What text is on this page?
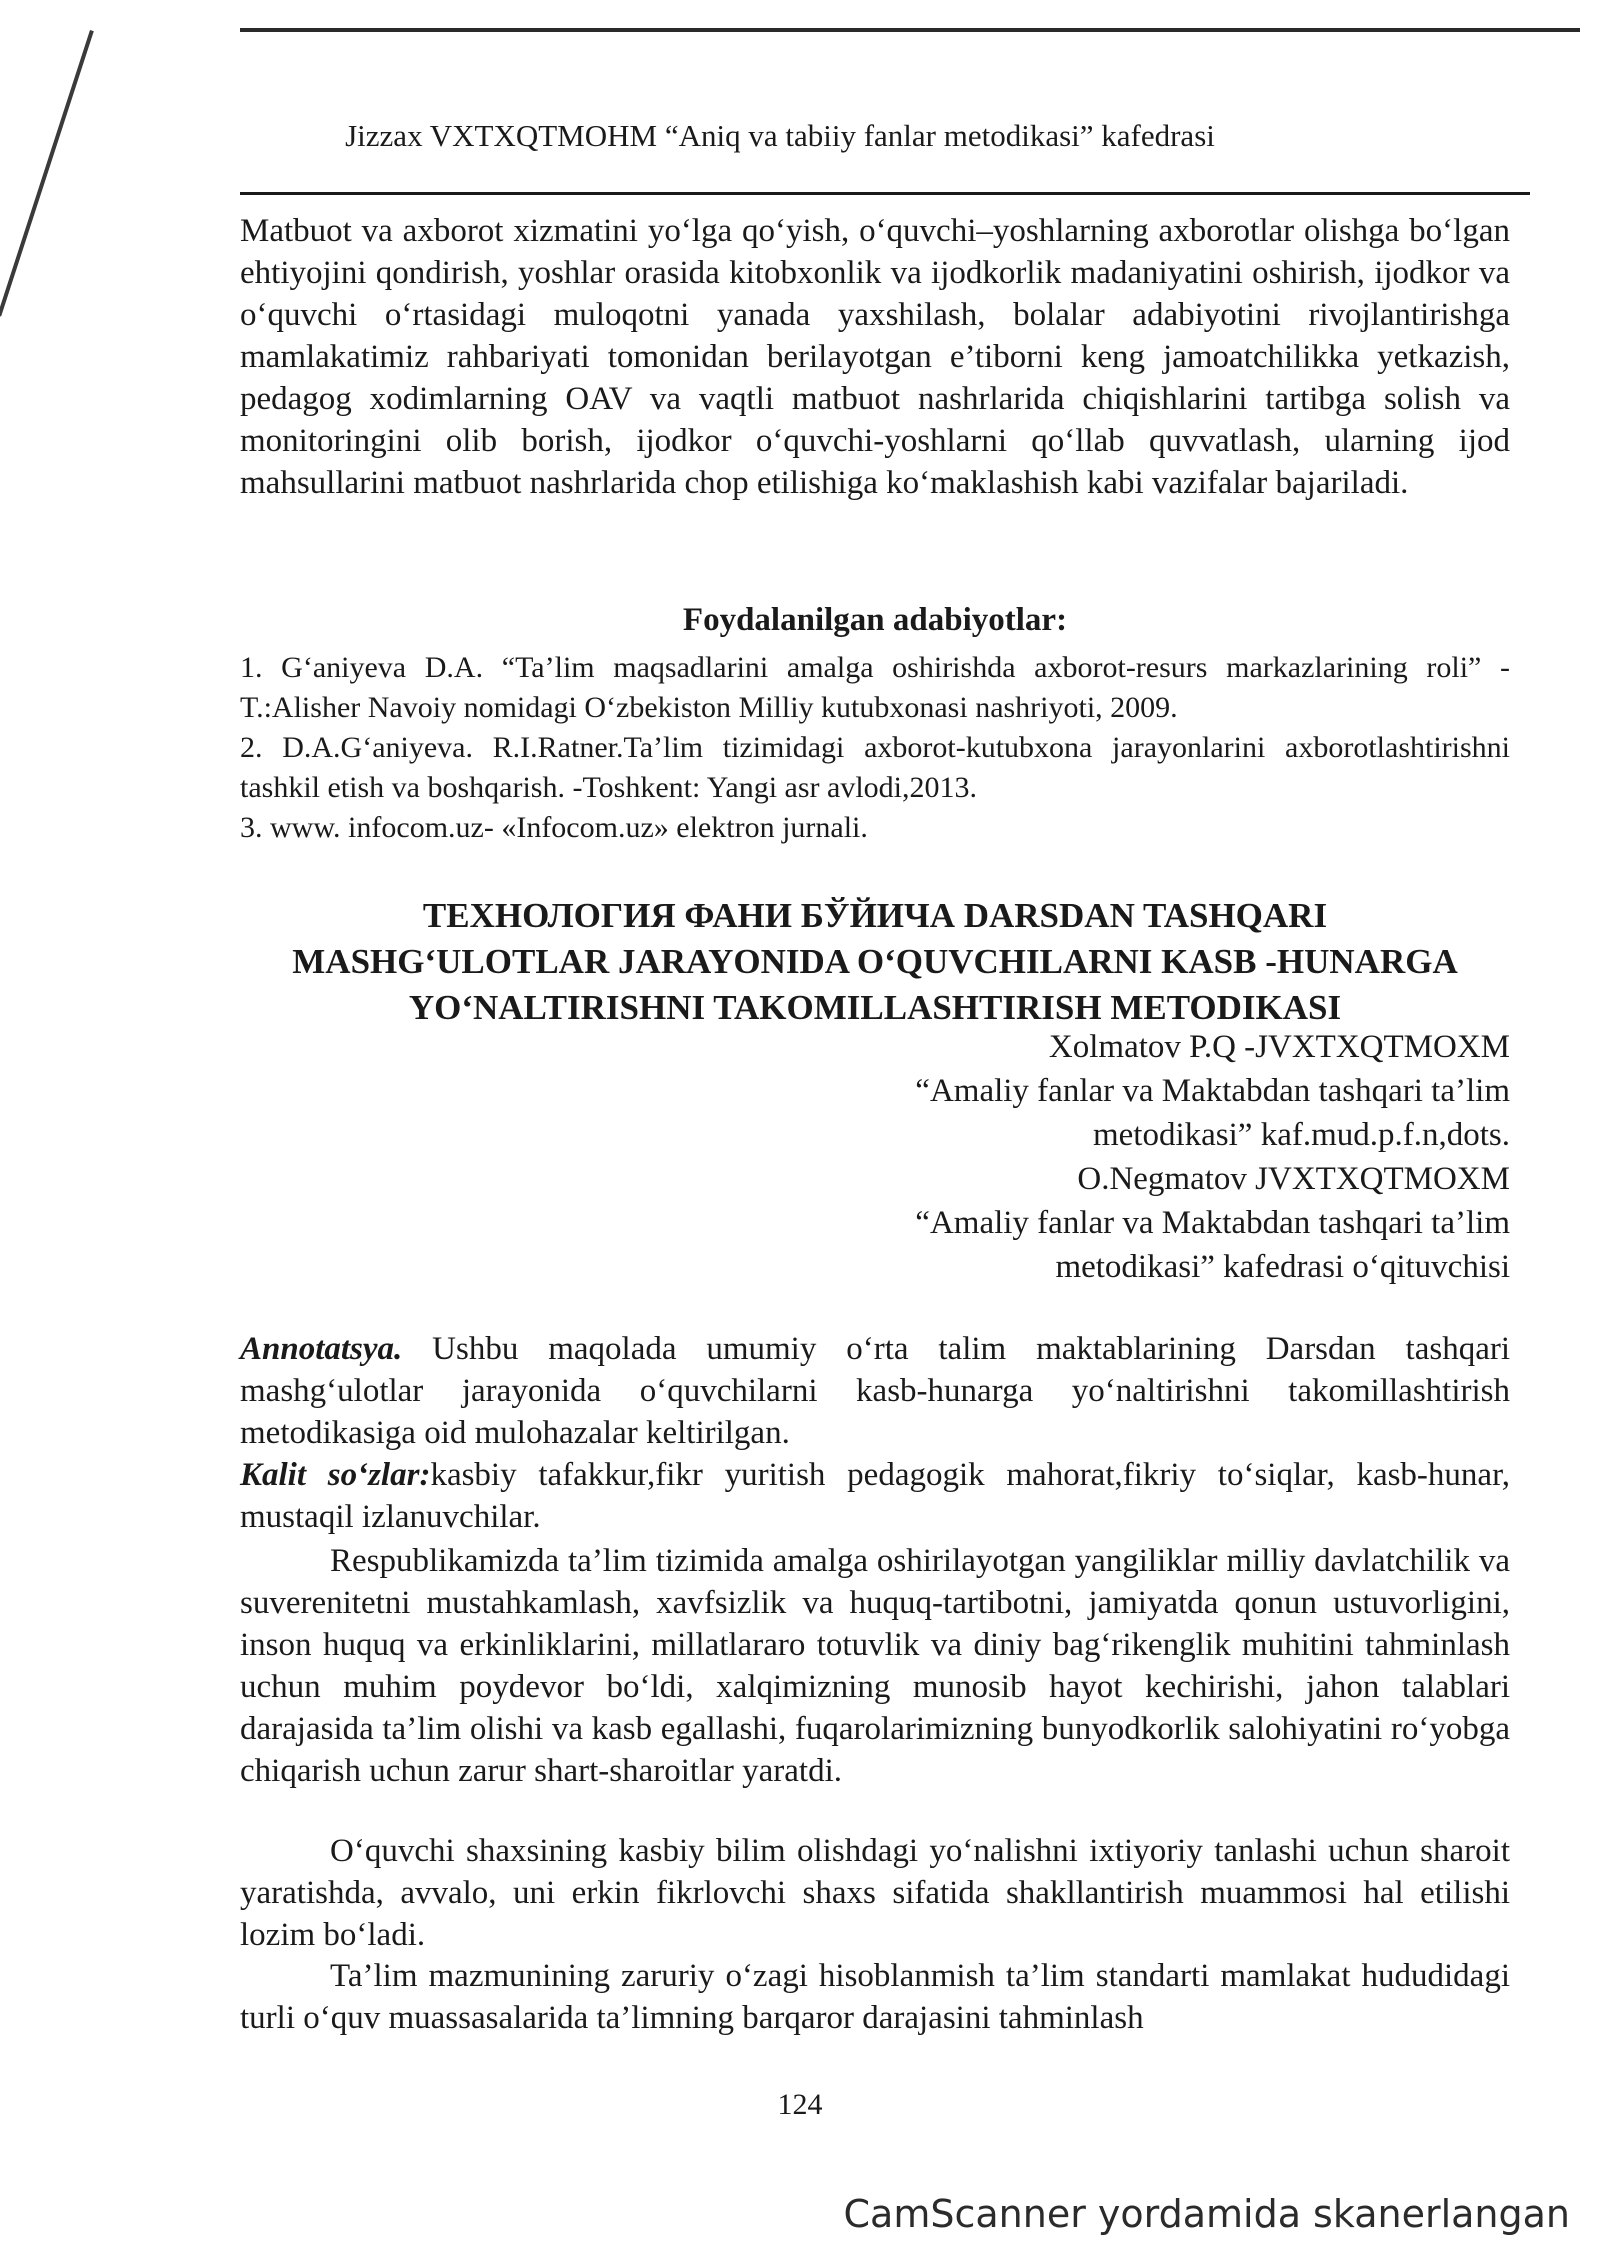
Jizzax VXTXQTMOHM “Aniq va tabiiy fanlar metodikasi” kafedrasi

Matbuot va axborot xizmatini yo‘lga qo‘yish, o‘quvchi–yoshlarning axborotlar olishga bo‘lgan ehtiyojini qondirish, yoshlar orasida kitobxonlik va ijodkorlik madaniyatini oshirish, ijodkor va o‘quvchi o‘rtasidagi muloqotni yanada yaxshilash, bolalar adabiyotini rivojlantirishga mamlakatimiz rahbariyati tomonidan berilayotgan e’tiborni keng jamoatchilikka yetkazish, pedagog xodimlarning OAV va vaqtli matbuot nashrlarida chiqishlarini tartibga solish va monitoringini olib borish, ijodkor o‘quvchi-yoshlarni qo‘llab quvvatlash, ularning ijod mahsullarini matbuot nashrlarida chop etilishiga ko‘maklashish kabi vazifalar bajariladi.

Foydalanilgan adabiyotlar:

1. G‘aniyeva D.A. “Ta’lim maqsadlarini amalga oshirishda axborot-resurs markazlarining roli” -T.:Alisher Navoiy nomidagi O‘zbekiston Milliy kutubxonasi nashriyoti, 2009.

2. D.A.G‘aniyeva. R.I.Ratner.Ta’lim tizimidagi axborot-kutubxona jarayonlarini axborotlashtirishni tashkil etish va boshqarish. -Toshkent: Yangi asr avlodi,2013.

3. www. infocom.uz- «Infocom.uz» elektron jurnali.

ТЕХНОЛОГИЯ ФАНИ БЎЙИЧА DARSDAN TASHQARI
MASHG‘ULOTLAR JARAYONIDA O‘QUVCHILARNI KASB -HUNARGA
YO‘NALTIRISHNI TAKOMILLASHTIRISH METODIKASI

Xolmatov P.Q -JVXTXQTMOXM

“Amaliy fanlar va Maktabdan tashqari ta’lim

metodikasi” kaf.mud.p.f.n,dots.

O.Negmatov JVXTXQTMOXM

“Amaliy fanlar va Maktabdan tashqari ta’lim

metodikasi” kafedrasi o‘qituvchisi

Annotatsya. Ushbu maqolada umumiy o‘rta talim maktablarining Darsdan tashqari mashg‘ulotlar jarayonida o‘quvchilarni kasb-hunarga yo‘naltirishni takomillashtirish metodikasiga oid mulohazalar keltirilgan.

Kalit so‘zlar:kasbiy tafakkur,fikr yuritish pedagogik mahorat,fikriy to‘siqlar, kasb-hunar, mustaqil izlanuvchilar.

Respublikamizda ta’lim tizimida amalga oshirilayotgan yangiliklar milliy davlatchilik va suverenitetni mustahkamlash, xavfsizlik va huquq-tartibotni, jamiyatda qonun ustuvorligini, inson huquq va erkinliklarini, millatlararo totuvlik va diniy bag‘rikenglik muhitini tahminlash uchun muhim poydevor bo‘ldi, xalqimizning munosib hayot kechirishi, jahon talablari darajasida ta’lim olishi va kasb egallashi, fuqarolarimizning bunyodkorlik salohiyatini ro‘yobga chiqarish uchun zarur shart-sharoitlar yaratdi.

O‘quvchi shaxsining kasbiy bilim olishdagi yo‘nalishni ixtiyoriy tanlashi uchun sharoit yaratishda, avvalo, uni erkin fikrlovchi shaxs sifatida shakllantirish muammosi hal etilishi lozim bo‘ladi.

Ta’lim mazmunining zaruriy o‘zagi hisoblanmish ta’lim standarti mamlakat hududidagi turli o‘quv muassasalarida ta’limning barqaror darajasini tahminlash

124
CamScanner yordamida skanerlangan
